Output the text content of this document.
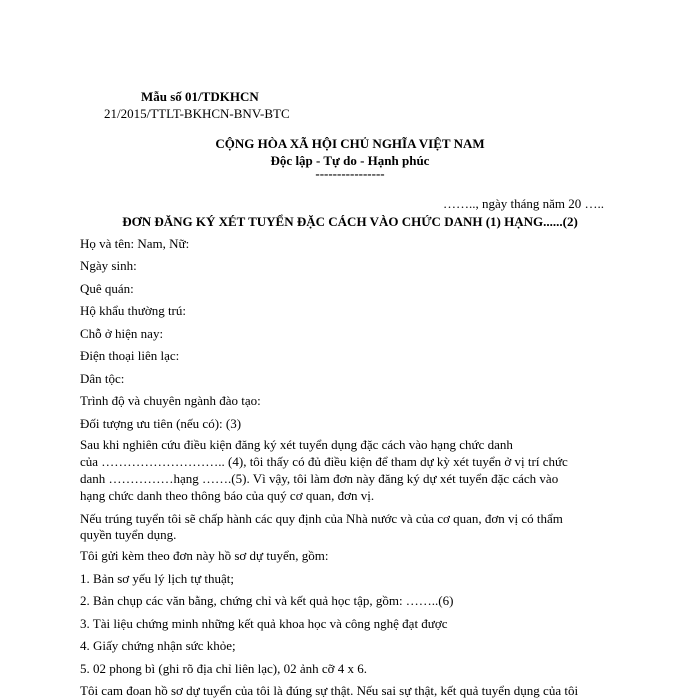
Mẫu số 01/TDKHCN
21/2015/TTLT-BKHCN-BNV-BTC
CỘNG HÒA XÃ HỘI CHỦ NGHĨA VIỆT NAM
Độc lập - Tự do - Hạnh phúc
----------------
…….., ngày tháng năm 20 …..
ĐƠN ĐĂNG KÝ XÉT TUYỂN ĐẶC CÁCH VÀO CHỨC DANH (1) HẠNG......(2)
Họ và tên: Nam, Nữ:
Ngày sinh:
Quê quán:
Hộ khẩu thường trú:
Chỗ ở hiện nay:
Điện thoại liên lạc:
Dân tộc:
Trình độ và chuyên ngành đào tạo:
Đối tượng ưu tiên (nếu có): (3)
Sau khi nghiên cứu điều kiện đăng ký xét tuyển dụng đặc cách vào hạng chức danh
của ……………………….. (4), tôi thấy có đủ điều kiện để tham dự kỳ xét tuyển ở vị trí chức
danh ……………hạng …….(5). Vì vậy, tôi làm đơn này đăng ký dự xét tuyển đặc cách vào
hạng chức danh theo thông báo của quý cơ quan, đơn vị.
Nếu trúng tuyển tôi sẽ chấp hành các quy định của Nhà nước và của cơ quan, đơn vị có thẩm
quyền tuyển dụng.
Tôi gửi kèm theo đơn này hồ sơ dự tuyển, gồm:
1. Bản sơ yếu lý lịch tự thuật;
2. Bản chụp các văn bằng, chứng chỉ và kết quả học tập, gồm: ……..(6)
3. Tài liệu chứng minh những kết quả khoa học và công nghệ đạt được
4. Giấy chứng nhận sức khỏe;
5. 02 phong bì (ghi rõ địa chỉ liên lạc), 02 ảnh cỡ 4 x 6.
Tôi cam đoan hồ sơ dự tuyển của tôi là đúng sự thật. Nếu sai sự thật, kết quả tuyển dụng của tôi
